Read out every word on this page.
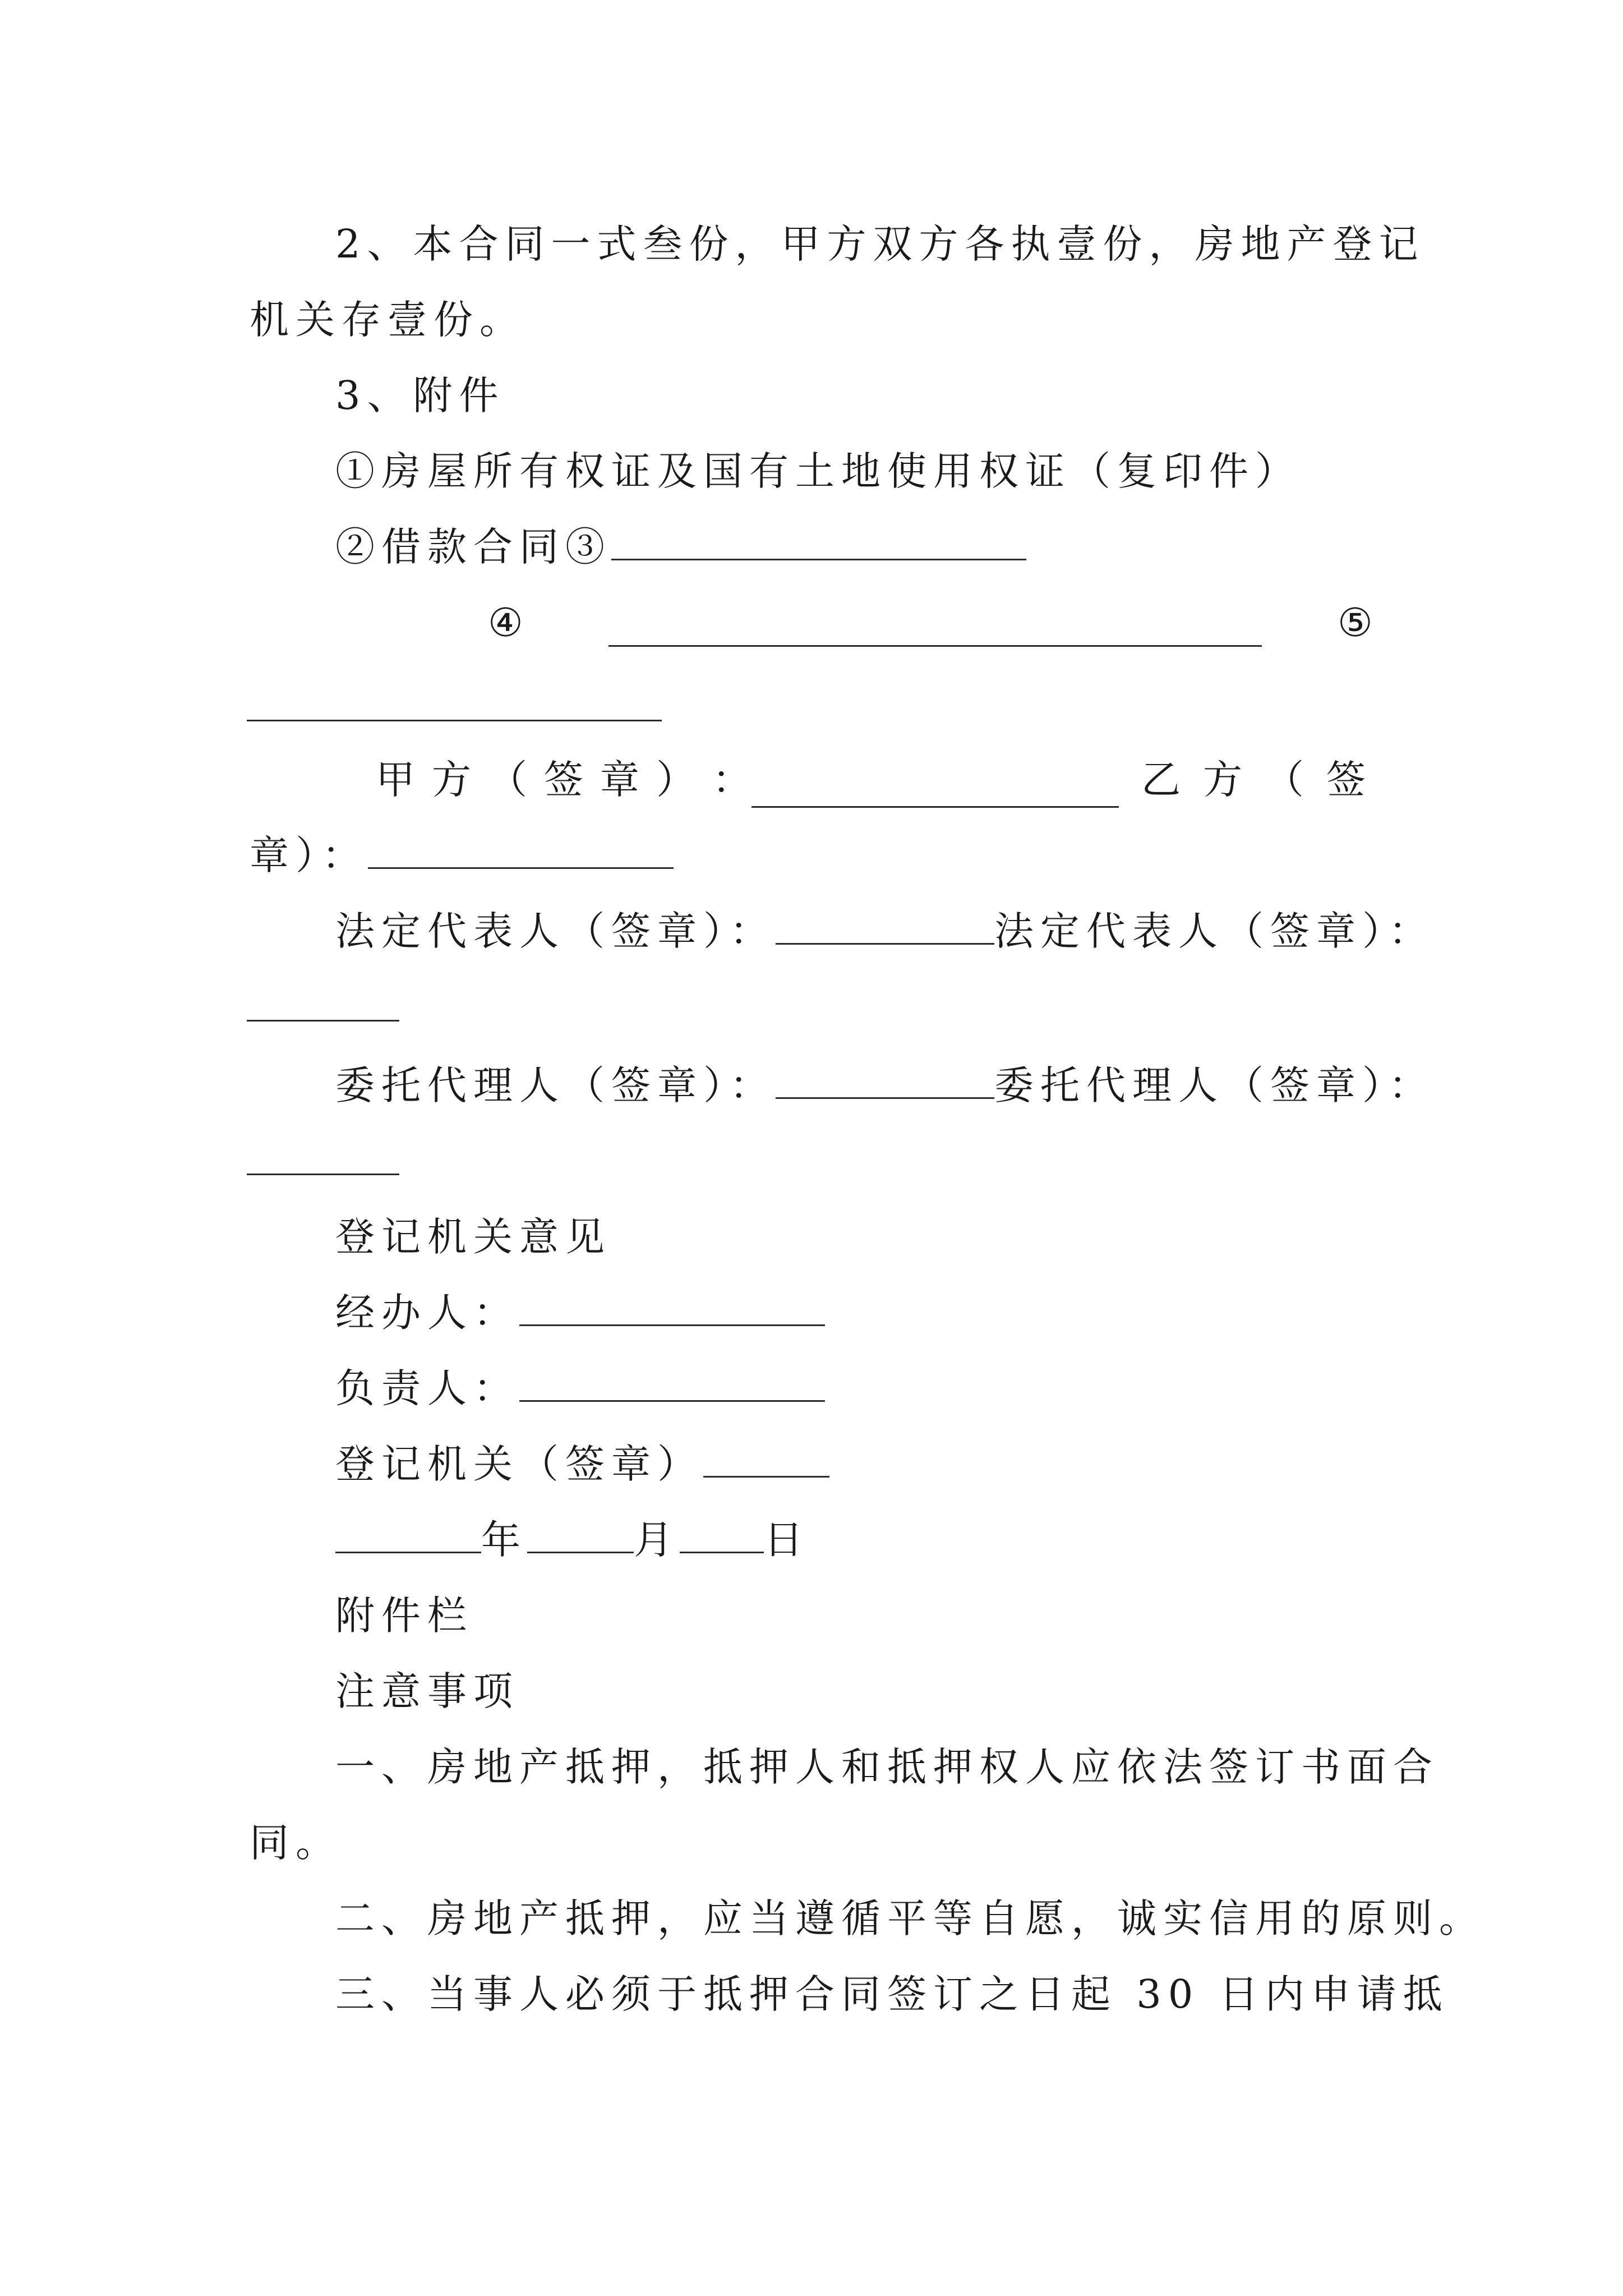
2、本合同一式叁份，甲方双方各执壹份，房地产登记
机关存壹份。
3、附件
①房屋所有权证及国有土地使用权证（复印件）
②借款合同③
④	⑤
甲 方 （ 签 章 ） ：	乙 方 （ 签
章）：
法定代表人（签章）：	法定代表人（签章）：
委托代理人（签章）：	委托代理人（签章）：
登记机关意见
经办人：
负责人：
登记机关（签章）
年	月 日
附件栏
注意事项
一、房地产抵押，抵押人和抵押权人应依法签订书面合
同。
二、房地产抵押，应当遵循平等自愿，诚实信用的原则。
三、当事人必须于抵押合同签订之日起 30 日内申请抵
